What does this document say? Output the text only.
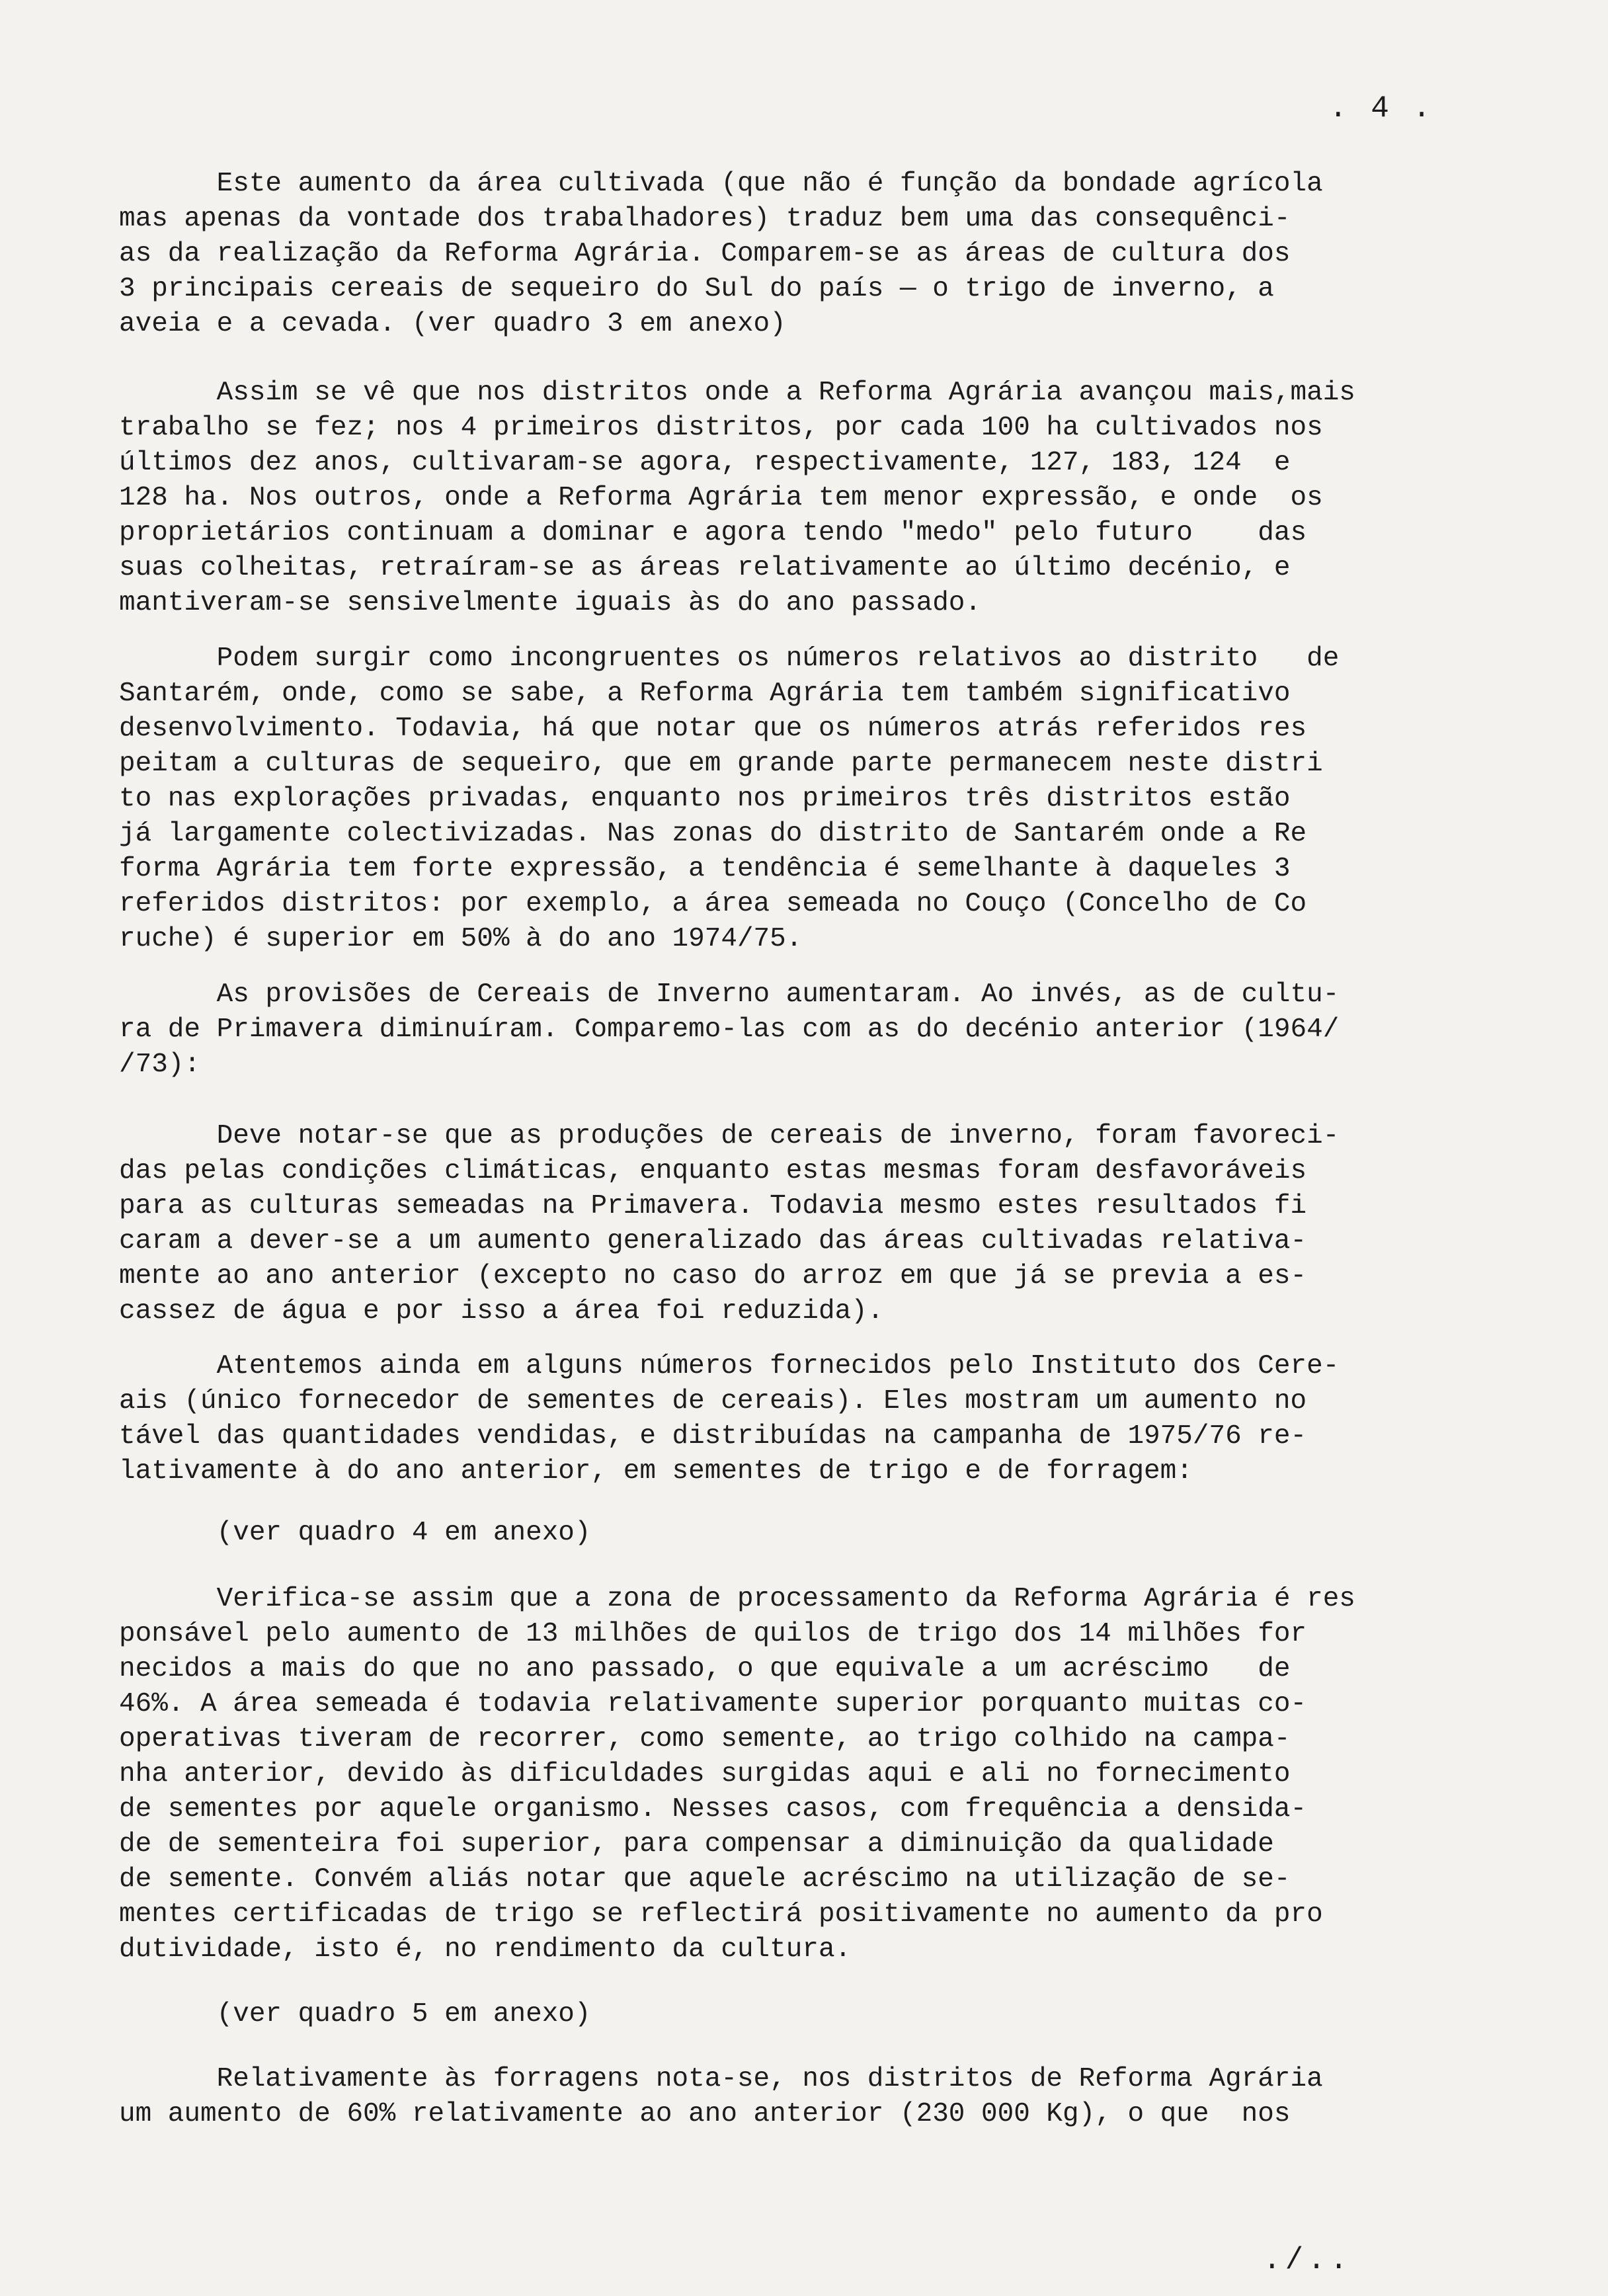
. 4 .
Este aumento da área cultivada (que não é função da bondade agrícola
mas apenas da vontade dos trabalhadores) traduz bem uma das consequênci-
as da realização da Reforma Agrária. Comparem-se as áreas de cultura dos
3 principais cereais de sequeiro do Sul do país — o trigo de inverno, a
aveia e a cevada. (ver quadro 3 em anexo)
Assim se vê que nos distritos onde a Reforma Agrária avançou mais,mais
trabalho se fez; nos 4 primeiros distritos, por cada 100 ha cultivados nos
últimos dez anos, cultivaram-se agora, respectivamente, 127, 183, 124  e
128 ha. Nos outros, onde a Reforma Agrária tem menor expressão, e onde  os
proprietários continuam a dominar e agora tendo "medo" pelo futuro    das
suas colheitas, retraíram-se as áreas relativamente ao último decénio, e
mantiveram-se sensivelmente iguais às do ano passado.
Podem surgir como incongruentes os números relativos ao distrito   de
Santarém, onde, como se sabe, a Reforma Agrária tem também significativo
desenvolvimento. Todavia, há que notar que os números atrás referidos res
peitam a culturas de sequeiro, que em grande parte permanecem neste distri
to nas explorações privadas, enquanto nos primeiros três distritos estão
já largamente colectivizadas. Nas zonas do distrito de Santarém onde a Re
forma Agrária tem forte expressão, a tendência é semelhante à daqueles 3
referidos distritos: por exemplo, a área semeada no Couço (Concelho de Co
ruche) é superior em 50% à do ano 1974/75.
As provisões de Cereais de Inverno aumentaram. Ao invés, as de cultu-
ra de Primavera diminuíram. Comparemo-las com as do decénio anterior (1964/
/73):
Deve notar-se que as produções de cereais de inverno, foram favoreci-
das pelas condições climáticas, enquanto estas mesmas foram desfavoráveis
para as culturas semeadas na Primavera. Todavia mesmo estes resultados fi
caram a dever-se a um aumento generalizado das áreas cultivadas relativa-
mente ao ano anterior (excepto no caso do arroz em que já se previa a es-
cassez de água e por isso a área foi reduzida).
Atentemos ainda em alguns números fornecidos pelo Instituto dos Cere-
ais (único fornecedor de sementes de cereais). Eles mostram um aumento no
tável das quantidades vendidas, e distribuídas na campanha de 1975/76 re-
lativamente à do ano anterior, em sementes de trigo e de forragem:
(ver quadro 4 em anexo)
Verifica-se assim que a zona de processamento da Reforma Agrária é res
ponsável pelo aumento de 13 milhões de quilos de trigo dos 14 milhões for
necidos a mais do que no ano passado, o que equivale a um acréscimo   de
46%. A área semeada é todavia relativamente superior porquanto muitas co-
operativas tiveram de recorrer, como semente, ao trigo colhido na campa-
nha anterior, devido às dificuldades surgidas aqui e ali no fornecimento
de sementes por aquele organismo. Nesses casos, com frequência a densida-
de de sementeira foi superior, para compensar a diminuição da qualidade
de semente. Convém aliás notar que aquele acréscimo na utilização de se-
mentes certificadas de trigo se reflectirá positivamente no aumento da pro
dutividade, isto é, no rendimento da cultura.
(ver quadro 5 em anexo)
Relativamente às forragens nota-se, nos distritos de Reforma Agrária
um aumento de 60% relativamente ao ano anterior (230 000 Kg), o que  nos
./..
